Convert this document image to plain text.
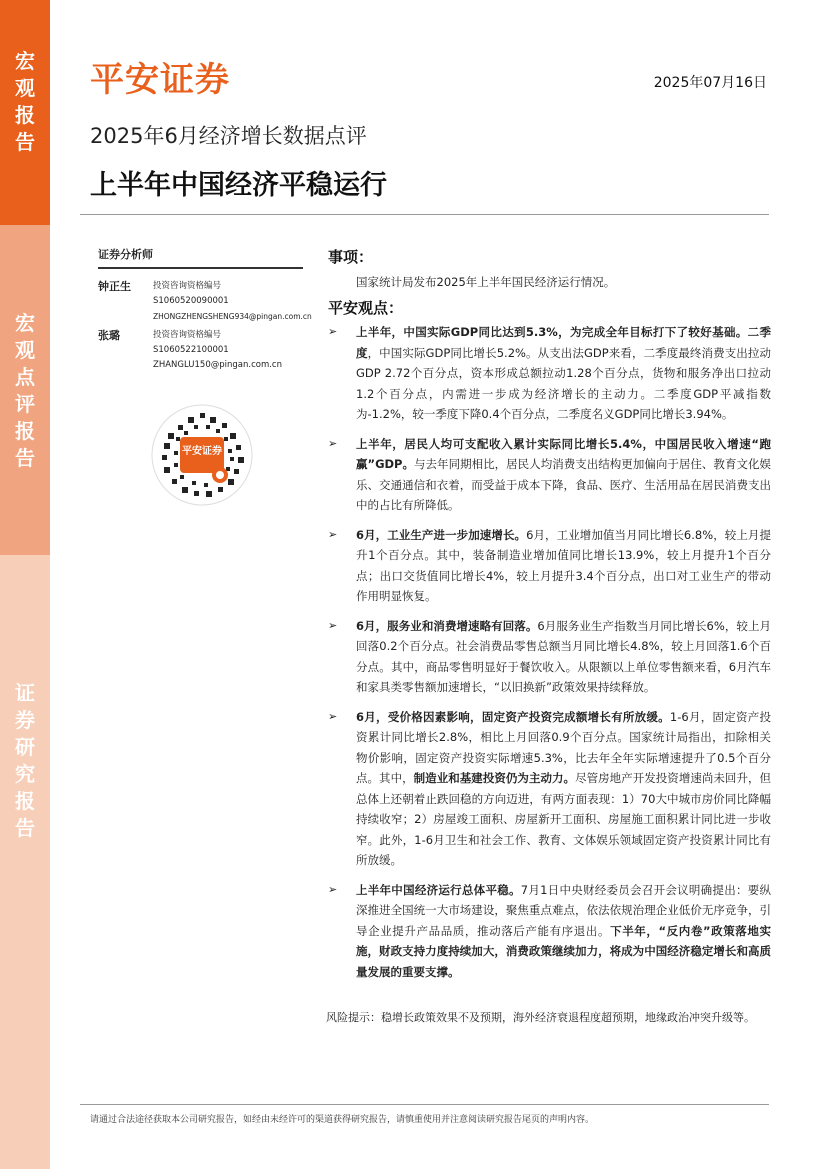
宏
观
报
告
宏
观
点
评
报
告
证
券
研
究
报
告
平安证券	2025年07月16日
2025年6月经济增长数据点评
上半年中国经济平稳运行
证券分析师
钟正生	投资咨询资格编号
S1060520090001
ZHONGZHENGSHENG934@pingan.com.cn
张璐	投资咨询资格编号
S1060522100001
ZHANGLU150@pingan.com.cn
平安证券
事项：
国家统计局发布2025年上半年国民经济运行情况。
平安观点：
➢ 上半年，中国实际GDP同比达到5.3%，为完成全年目标打下了较好基础。二季度，中国实际GDP同比增长5.2%。从支出法GDP来看，二季度最终消费支出拉动GDP 2.72个百分点，资本形成总额拉动1.28个百分点，货物和服务净出口拉动1.2个百分点，内需进一步成为经济增长的主动力。二季度GDP平减指数为-1.2%，较一季度下降0.4个百分点，二季度名义GDP同比增长3.94%。
➢ 上半年，居民人均可支配收入累计实际同比增长5.4%，中国居民收入增速“跑赢”GDP。与去年同期相比，居民人均消费支出结构更加偏向于居住、教育文化娱乐、交通通信和衣着，而受益于成本下降，食品、医疗、生活用品在居民消费支出中的占比有所降低。
➢ 6月，工业生产进一步加速增长。6月，工业增加值当月同比增长6.8%，较上月提升1个百分点。其中，装备制造业增加值同比增长13.9%，较上月提升1个百分点；出口交货值同比增长4%，较上月提升3.4个百分点，出口对工业生产的带动作用明显恢复。
➢ 6月，服务业和消费增速略有回落。6月服务业生产指数当月同比增长6%，较上月回落0.2个百分点。社会消费品零售总额当月同比增长4.8%，较上月回落1.6个百分点。其中，商品零售明显好于餐饮收入。从限额以上单位零售额来看，6月汽车和家具类零售额加速增长，“以旧换新”政策效果持续释放。
➢ 6月，受价格因素影响，固定资产投资完成额增长有所放缓。1-6月，固定资产投资累计同比增长2.8%，相比上月回落0.9个百分点。国家统计局指出，扣除相关物价影响，固定资产投资实际增速5.3%，比去年全年实际增速提升了0.5个百分点。其中，制造业和基建投资仍为主动力。尽管房地产开发投资增速尚未回升，但总体上还朝着止跌回稳的方向迈进，有两方面表现：1）70大中城市房价同比降幅持续收窄；2）房屋竣工面积、房屋新开工面积、房屋施工面积累计同比进一步收窄。此外，1-6月卫生和社会工作、教育、文体娱乐领域固定资产投资累计同比有所放缓。
➢ 上半年中国经济运行总体平稳。7月1日中央财经委员会召开会议明确提出：要纵深推进全国统一大市场建设，聚焦重点难点，依法依规治理企业低价无序竞争，引导企业提升产品品质，推动落后产能有序退出。下半年，“反内卷”政策落地实施，财政支持力度持续加大，消费政策继续加力，将成为中国经济稳定增长和高质量发展的重要支撑。
风险提示：稳增长政策效果不及预期，海外经济衰退程度超预期，地缘政治冲突升级等。
请通过合法途径获取本公司研究报告，如经由未经许可的渠道获得研究报告，请慎重使用并注意阅读研究报告尾页的声明内容。
